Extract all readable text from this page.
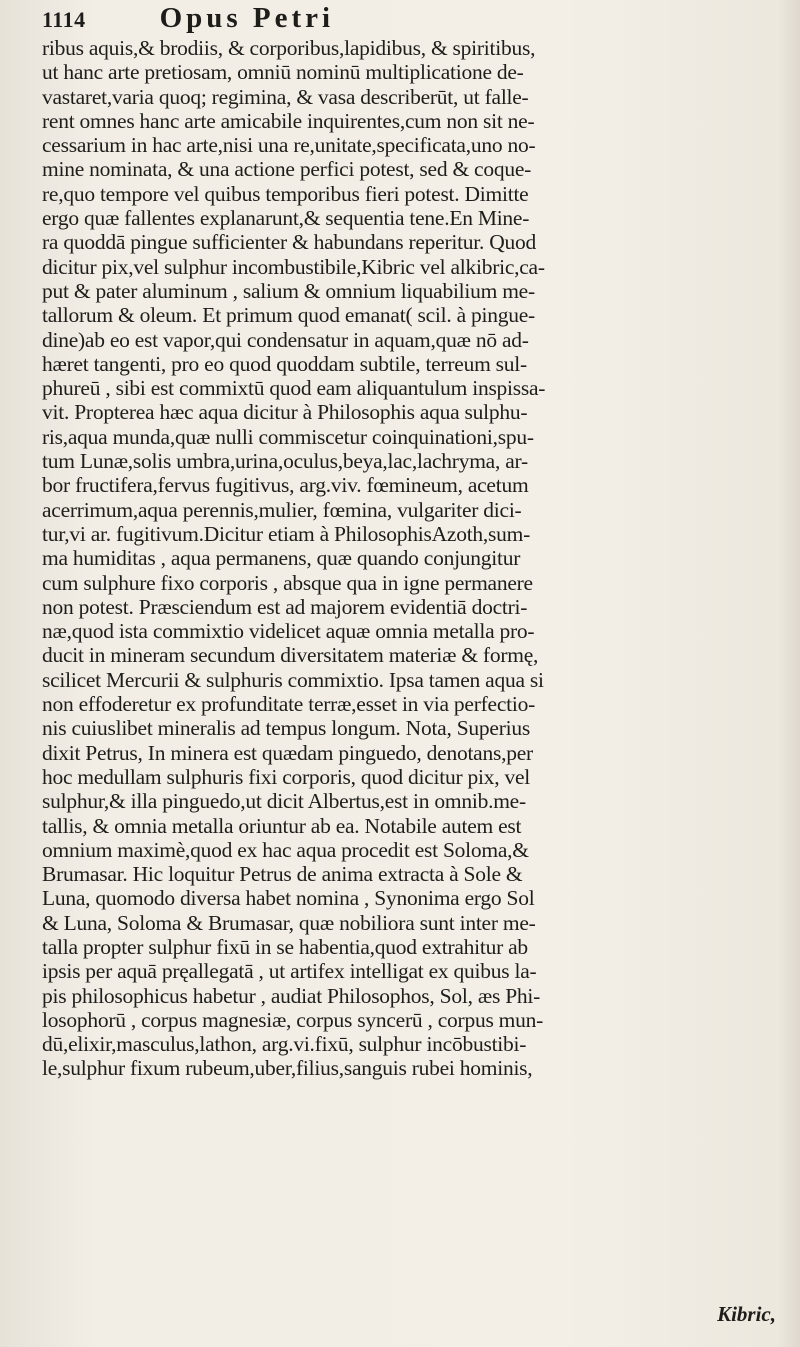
1114	Opus Petri
ribus aquis,& brodiis, & corporibus,lapidibus, & spiritibus,
ut hanc arte pretiosam, omniū nominū multiplicatione de-
vastaret,varia quoq; regimina, & vasa describerūt, ut falle-
rent omnes hanc arte amicabile inquirentes,cum non sit ne-
cessarium in hac arte,nisi una re,unitate,specificata,uno no-
mine nominata, & una actione perfici potest, sed & coque-
re,quo tempore vel quibus temporibus fieri potest. Dimitte
ergo quæ fallentes explanarunt,& sequentia tene.En Mine-
ra quoddā pingue sufficienter & habundans reperitur. Quod
dicitur pix,vel sulphur incombustibile,Kibric vel alkibric,ca-
put & pater aluminum , salium & omnium liquabilium me-
tallorum & oleum. Et primum quod emanat( scil. à pingue-
dine)ab eo est vapor,qui condensatur in aquam,quæ nō ad-
hæret tangenti, pro eo quod quoddam subtile, terreum sul-
phureū , sibi est commixtū quod eam aliquantulum inspissa-
vit. Propterea hæc aqua dicitur à Philosophis aqua sulphu-
ris,aqua munda,quæ nulli commiscetur coinquinationi,spu-
tum Lunæ,solis umbra,urina,oculus,beya,lac,lachryma, ar-
bor fructifera,fervus fugitivus, arg.viv. fœmineum, acetum
acerrimum,aqua perennis,mulier, fœmina, vulgariter dici-
tur,vi ar. fugitivum.Dicitur etiam à PhilosophisAzoth,sum-
ma humiditas , aqua permanens, quæ quando conjungitur
cum sulphure fixo corporis , absque qua in igne permanere
non potest. Præsciendum est ad majorem evidentiā doctri-
næ,quod ista commixtio videlicet aquæ omnia metalla pro-
ducit in mineram secundum diversitatem materiæ & formę,
scilicet Mercurii & sulphuris commixtio. Ipsa tamen aqua si
non effoderetur ex profunditate terræ,esset in via perfectio-
nis cuiuslibet mineralis ad tempus longum. Nota, Superius
dixit Petrus, In minera est quædam pinguedo, denotans,per
hoc medullam sulphuris fixi corporis, quod dicitur pix, vel
sulphur,& illa pinguedo,ut dicit Albertus,est in omnib.me-
tallis, & omnia metalla oriuntur ab ea. Notabile autem est
omnium maximè,quod ex hac aqua procedit est Soloma,&
Brumasar. Hic loquitur Petrus de anima extracta à Sole &
Luna, quomodo diversa habet nomina , Synonima ergo Sol
& Luna, Soloma & Brumasar, quæ nobiliora sunt inter me-
talla propter sulphur fixū in se habentia,quod extrahitur ab
ipsis per aquā pręallegatā , ut artifex intelligat ex quibus la-
pis philosophicus habetur , audiat Philosophos, Sol, æs Phi-
losophorū , corpus magnesiæ, corpus syncerū , corpus mun-
dū,elixir,masculus,lathon, arg.vi.fixū, sulphur incōbustibi-
le,sulphur fixum rubeum,uber,filius,sanguis rubei hominis,
Kibric,
